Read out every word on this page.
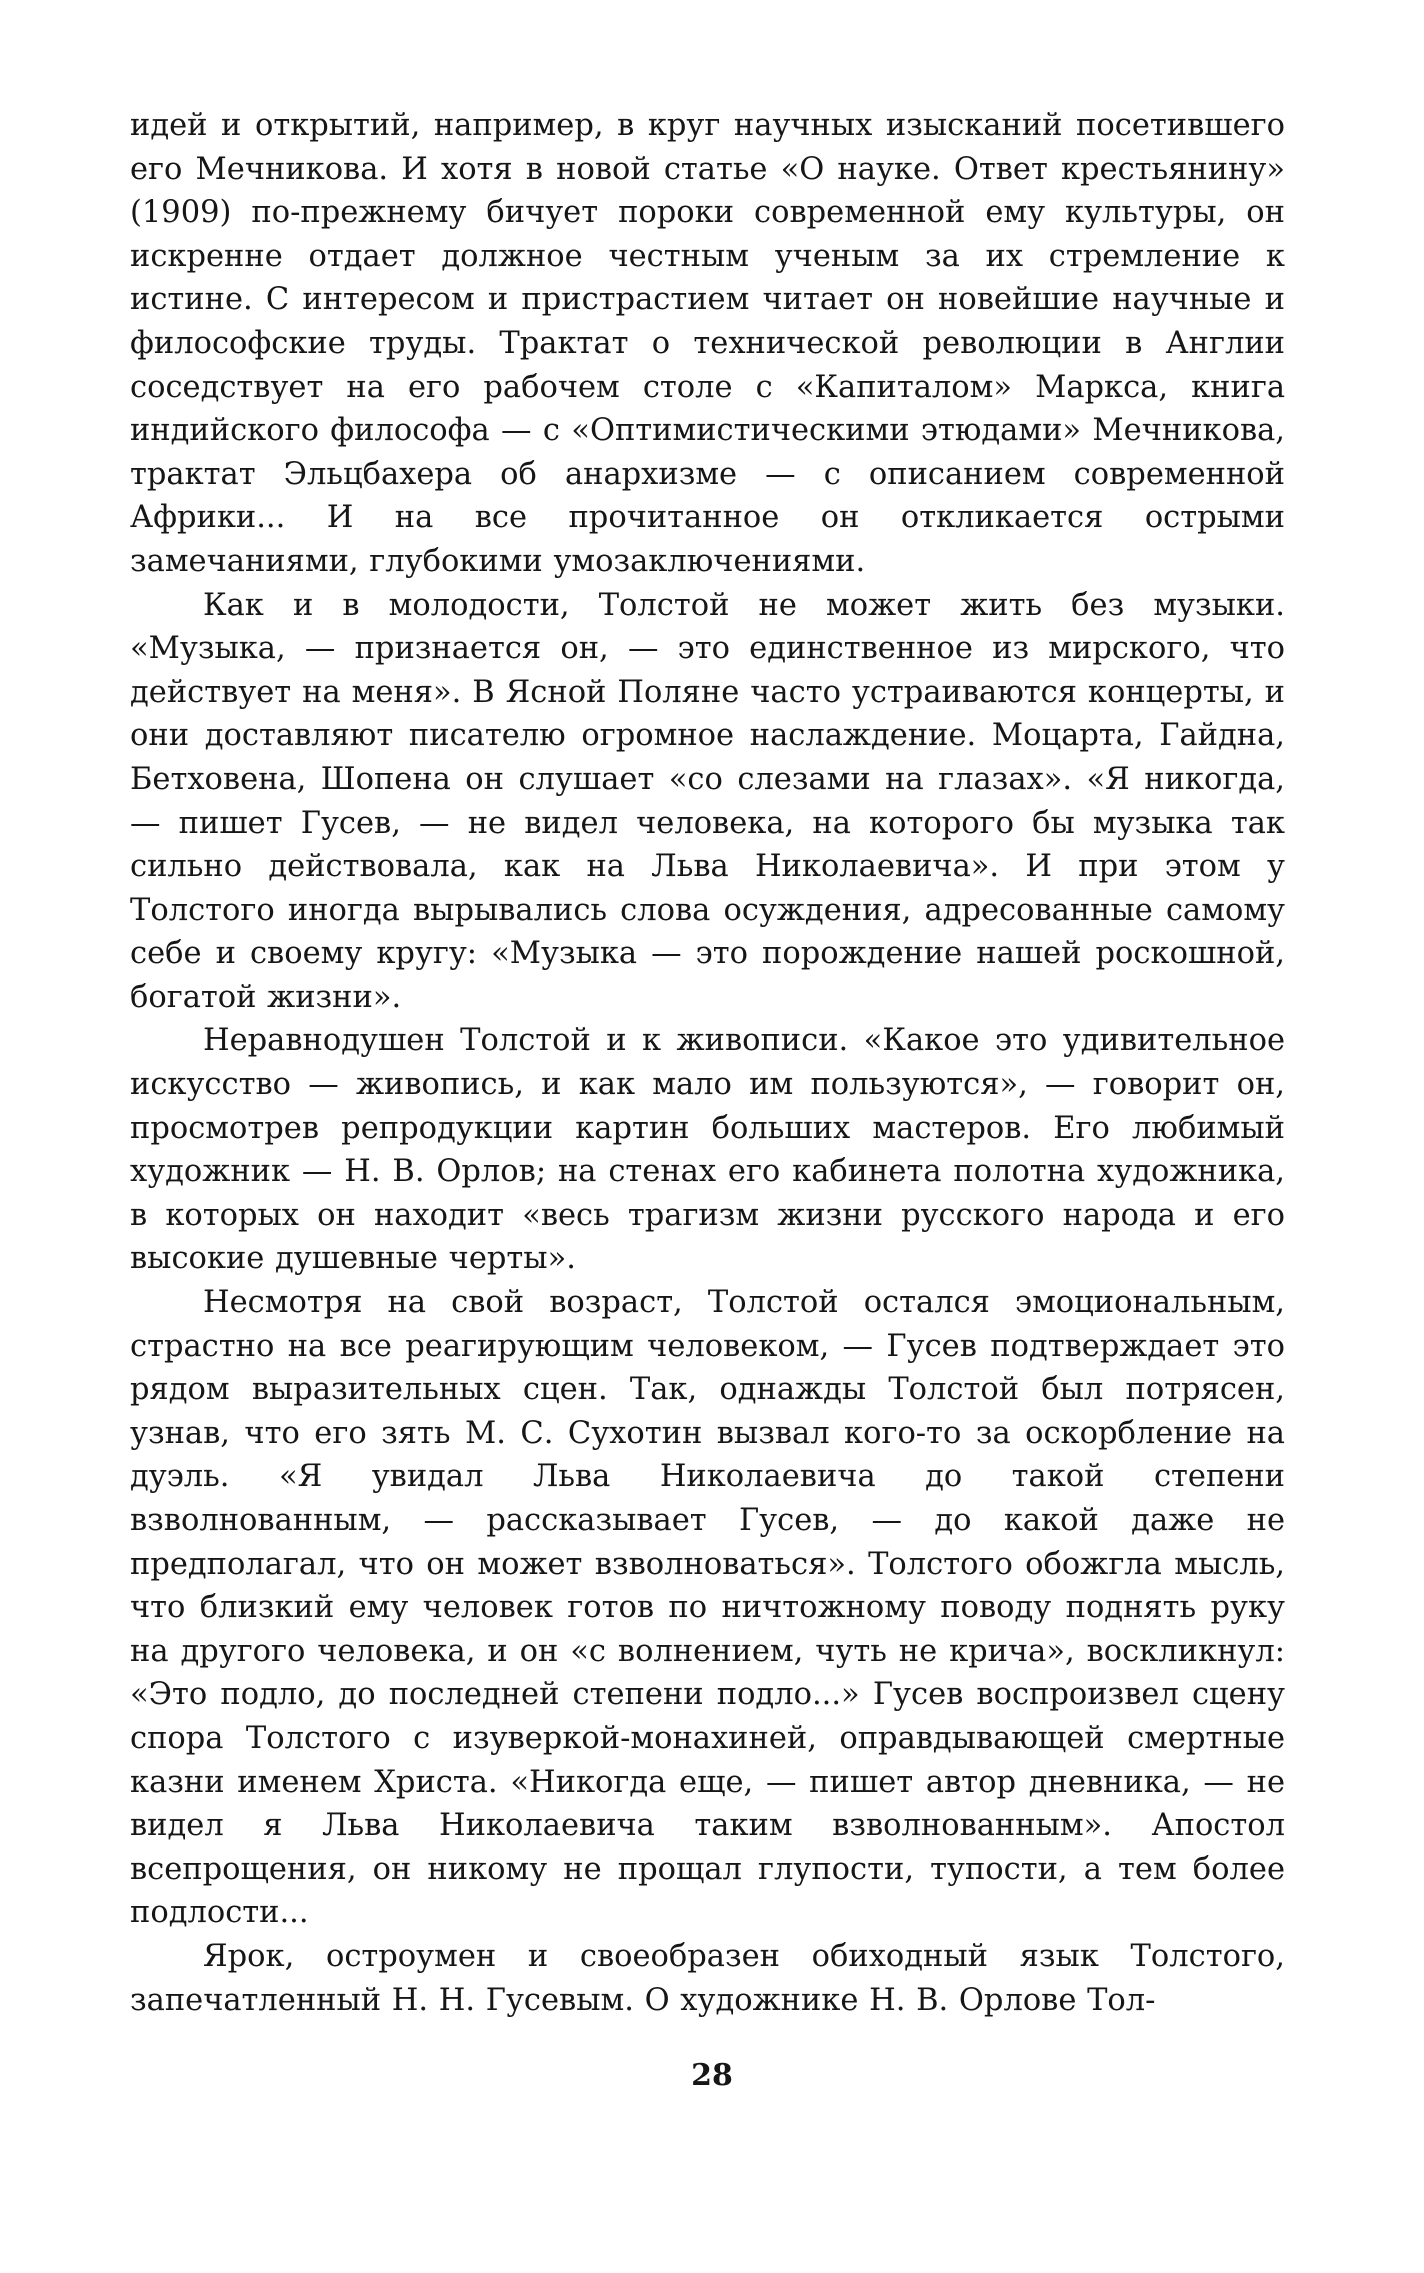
идей и открытий, например, в круг научных изысканий посетившего его Мечникова. И хотя в новой статье «О науке. Ответ крестьянину» (1909) по-прежнему бичует пороки современной ему культуры, он искренне отдает должное честным ученым за их стремление к истине. С интересом и пристрастием читает он новейшие научные и философские труды. Трактат о технической революции в Англии соседствует на его рабочем столе с «Капиталом» Маркса, книга индийского философа — с «Оптимистическими этюдами» Мечникова, трактат Эльцбахера об анархизме — с описанием современной Африки... И на все прочитанное он откликается острыми замечаниями, глубокими умозаключениями.

Как и в молодости, Толстой не может жить без музыки. «Музыка, — признается он, — это единственное из мирского, что действует на меня». В Ясной Поляне часто устраиваются концерты, и они доставляют писателю огромное наслаждение. Моцарта, Гайдна, Бетховена, Шопена он слушает «со слезами на глазах». «Я никогда, — пишет Гусев, — не видел человека, на которого бы музыка так сильно действовала, как на Льва Николаевича». И при этом у Толстого иногда вырывались слова осуждения, адресованные самому себе и своему кругу: «Музыка — это порождение нашей роскошной, богатой жизни».

Неравнодушен Толстой и к живописи. «Какое это удивительное искусство — живопись, и как мало им пользуются», — говорит он, просмотрев репродукции картин больших мастеров. Его любимый художник — Н. В. Орлов; на стенах его кабинета полотна художника, в которых он находит «весь трагизм жизни русского народа и его высокие душевные черты».

Несмотря на свой возраст, Толстой остался эмоциональным, страстно на все реагирующим человеком, — Гусев подтверждает это рядом выразительных сцен. Так, однажды Толстой был потрясен, узнав, что его зять М. С. Сухотин вызвал кого-то за оскорбление на дуэль. «Я увидал Льва Николаевича до такой степени взволнованным, — рассказывает Гусев, — до какой даже не предполагал, что он может взволноваться». Толстого обожгла мысль, что близкий ему человек готов по ничтожному поводу поднять руку на другого человека, и он «с волнением, чуть не крича», воскликнул: «Это подло, до последней степени подло...» Гусев воспроизвел сцену спора Толстого с изуверкой-монахиней, оправдывающей смертные казни именем Христа. «Никогда еще, — пишет автор дневника, — не видел я Льва Николаевича таким взволнованным». Апостол всепрощения, он никому не прощал глупости, тупости, а тем более подлости...

Ярок, остроумен и своеобразен обиходный язык Толстого, запечатленный Н. Н. Гусевым. О художнике Н. В. Орлове Тол-

28
